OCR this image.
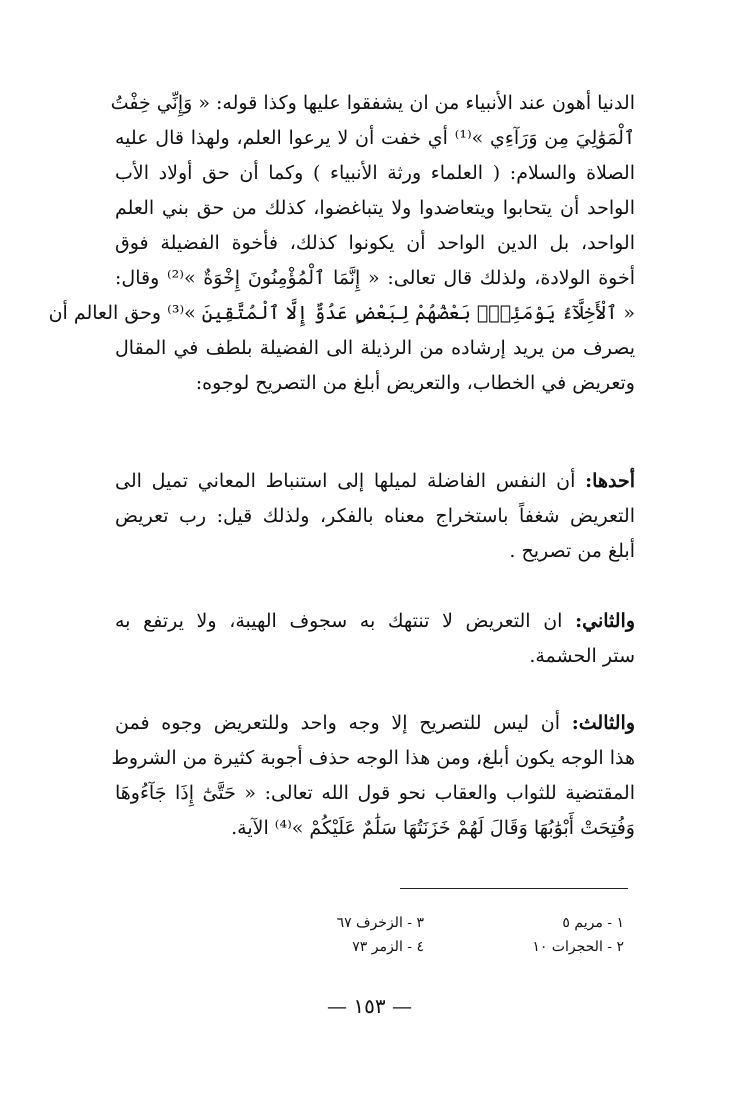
الدنيا أهون عند الأنبياء من ان يشفقوا عليها وكذا قوله: « وَإِنِّي خِفْتُ
ٱلْمَوَٰلِيَ مِن وَرَآءِي »⁽¹⁾ أي خفت أن لا يرعوا العلم، ولهذا قال عليه
الصلاة والسلام: ( العلماء ورثة الأنبياء ) وكما أن حق أولاد الأب
الواحد أن يتحابوا ويتعاضدوا ولا يتباغضوا، كذلك من حق بني العلم
الواحد، بل الدين الواحد أن يكونوا كذلك، فأخوة الفضيلة فوق
أخوة الولادة، ولذلك قال تعالى: « إِنَّمَا ٱلْمُؤْمِنُونَ إِخْوَةٌ »⁽²⁾ وقال:
« ٱلْأَخِلَّآءُ يَوْمَئِذٍۭ بَعْضُهُمْ لِبَعْضٍ عَدُوٌّ إِلَّا ٱلْمُتَّقِينَ »⁽³⁾ وحق العالم أن
يصرف من يريد إرشاده من الرذيلة الى الفضيلة بلطف في المقال
وتعريض في الخطاب، والتعريض أبلغ من التصريح لوجوه:
أحدها: أن النفس الفاضلة لميلها إلى استنباط المعاني تميل الى
التعريض شغفاً باستخراج معناه بالفكر، ولذلك قيل: رب تعريض
أبلغ من تصريح .
والثاني: ان التعريض لا تنتهك به سجوف الهيبة، ولا يرتفع به
ستر الحشمة.
والثالث: أن ليس للتصريح إلا وجه واحد وللتعريض وجوه فمن
هذا الوجه يكون أبلغ، ومن هذا الوجه حذف أجوبة كثيرة من الشروط
المقتضية للثواب والعقاب نحو قول الله تعالى: « حَتَّىٰٓ إِذَا جَآءُوهَا
وَفُتِحَتْ أَبْوَٰبُهَا وَقَالَ لَهُمْ خَزَنَتُهَا سَلَٰمٌ عَلَيْكُمْ »⁽⁴⁾ الآية.
١ - مريم ٥
٢ - الحجرات ١٠
٣ - الزخرف ٦٧
٤ - الزمر ٧٣
— ١٥٣ —
